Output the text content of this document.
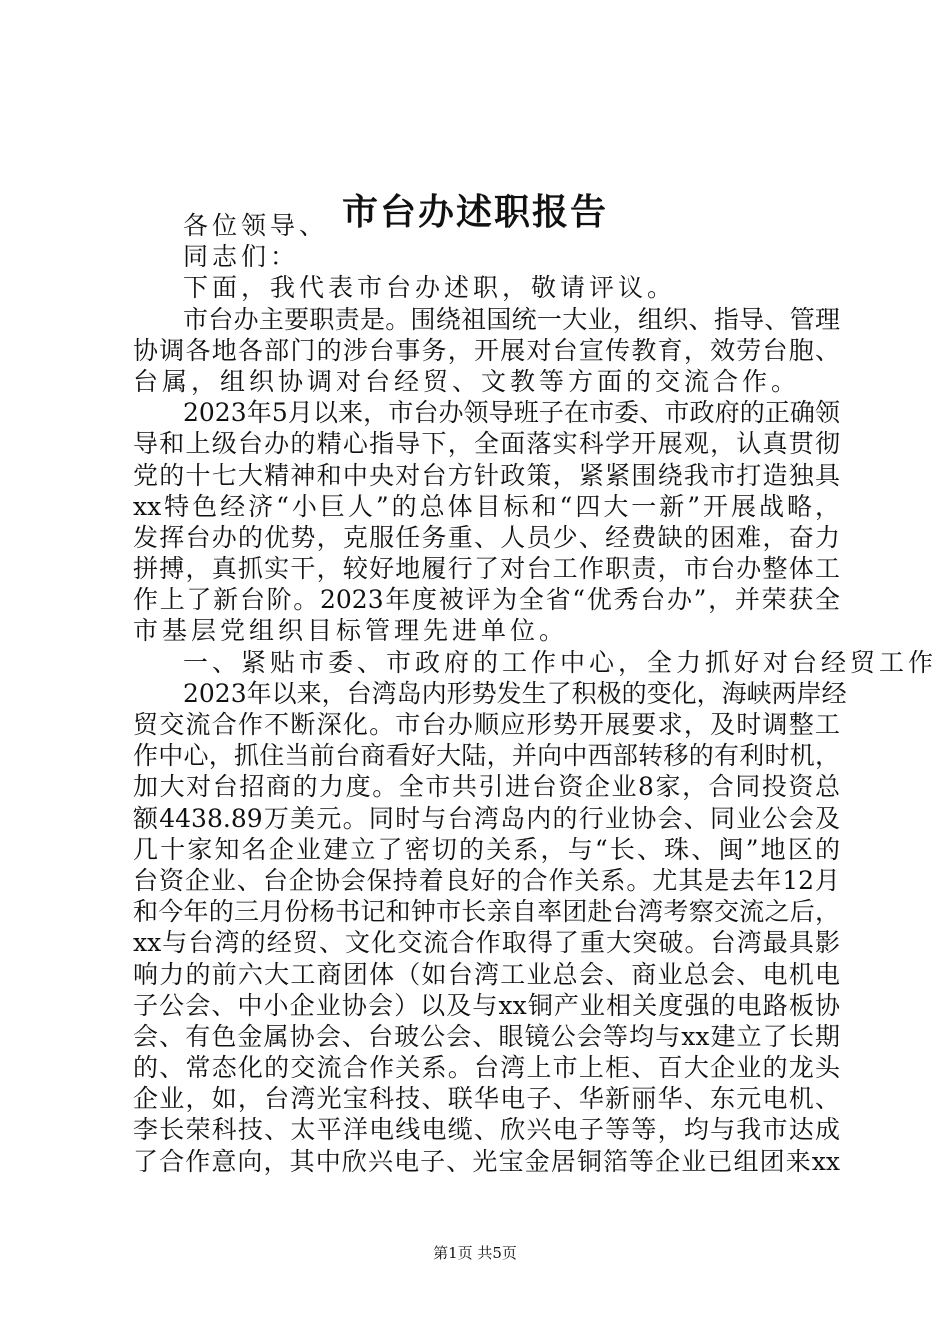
市台办述职报告
各位领导、
同志们：
下面，我代表市台办述职，敬请评议。
市台办主要职责是。围绕祖国统一大业，组织、指导、管理
协调各地各部门的涉台事务，开展对台宣传教育，效劳台胞、
台属，组织协调对台经贸、文教等方面的交流合作。
2023年5月以来，市台办领导班子在市委、市政府的正确领
导和上级台办的精心指导下，全面落实科学开展观，认真贯彻
党的十七大精神和中央对台方针政策，紧紧围绕我市打造独具
xx特色经济“小巨人”的总体目标和“四大一新”开展战略，
发挥台办的优势，克服任务重、人员少、经费缺的困难，奋力
拼搏，真抓实干，较好地履行了对台工作职责，市台办整体工
作上了新台阶。2023年度被评为全省“优秀台办”，并荣获全
市基层党组织目标管理先进单位。
一、紧贴市委、市政府的工作中心，全力抓好对台经贸工作
2023年以来，台湾岛内形势发生了积极的变化，海峡两岸经
贸交流合作不断深化。市台办顺应形势开展要求，及时调整工
作中心，抓住当前台商看好大陆，并向中西部转移的有利时机，
加大对台招商的力度。全市共引进台资企业8家，合同投资总
额4438.89万美元。同时与台湾岛内的行业协会、同业公会及
几十家知名企业建立了密切的关系，与“长、珠、闽”地区的
台资企业、台企协会保持着良好的合作关系。尤其是去年12月
和今年的三月份杨书记和钟市长亲自率团赴台湾考察交流之后，
xx与台湾的经贸、文化交流合作取得了重大突破。台湾最具影
响力的前六大工商团体（如台湾工业总会、商业总会、电机电
子公会、中小企业协会）以及与xx铜产业相关度强的电路板协
会、有色金属协会、台玻公会、眼镜公会等均与xx建立了长期
的、常态化的交流合作关系。台湾上市上柜、百大企业的龙头
企业，如，台湾光宝科技、联华电子、华新丽华、东元电机、
李长荣科技、太平洋电线电缆、欣兴电子等等，均与我市达成
了合作意向，其中欣兴电子、光宝金居铜箔等企业已组团来xx
第1页 共5页
